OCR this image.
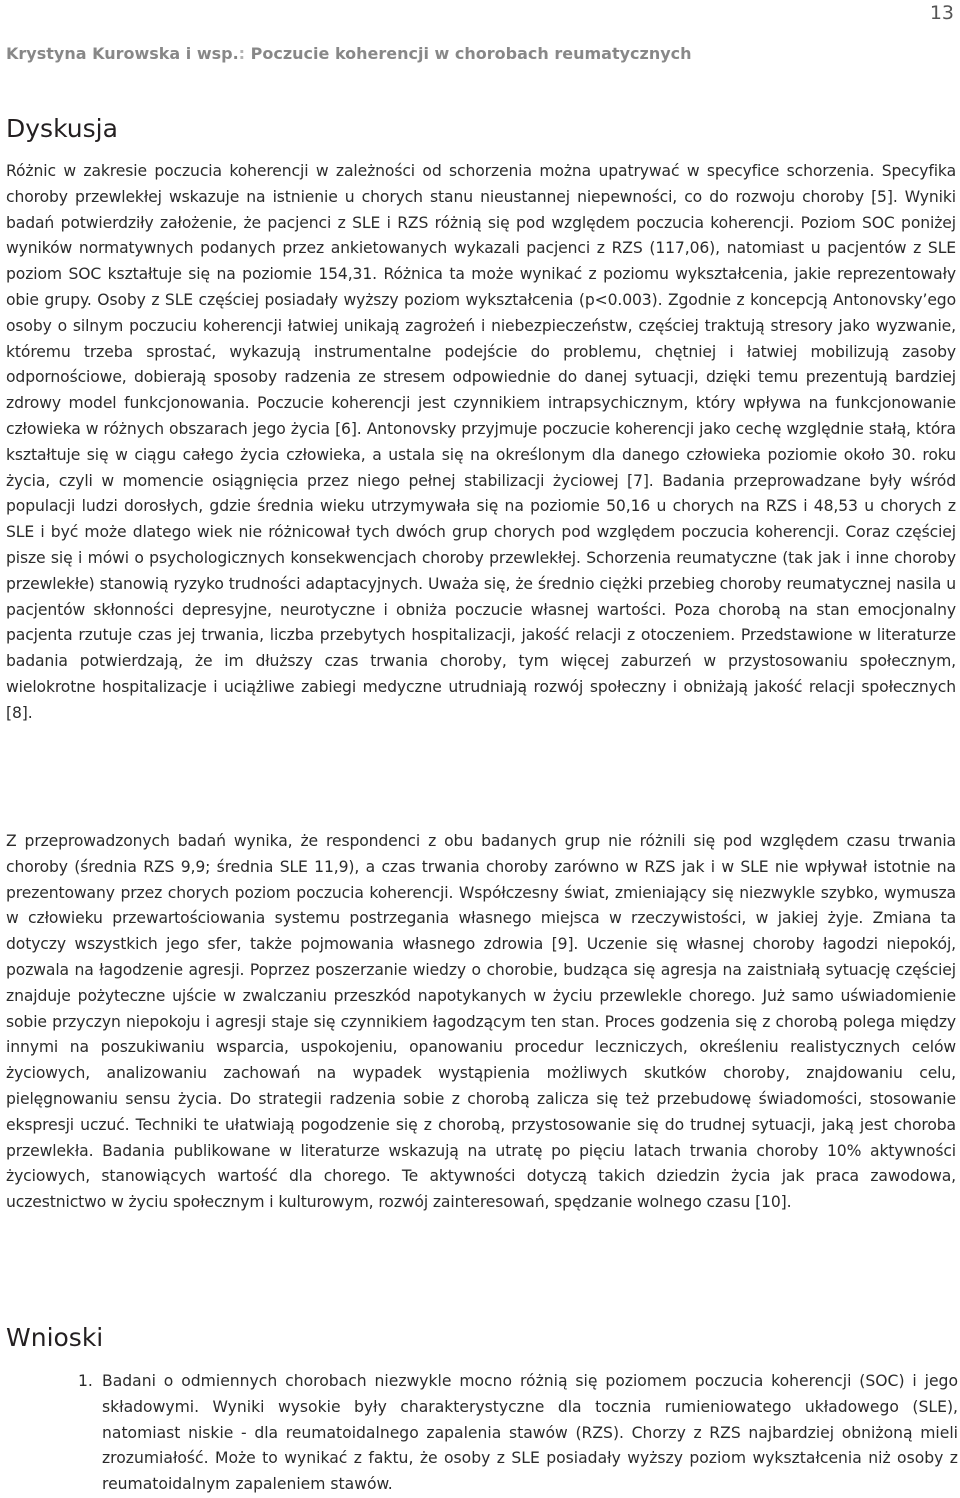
13
Krystyna Kurowska i wsp.: Poczucie koherencji w chorobach reumatycznych
Dyskusja

Różnic w zakresie poczucia koherencji w zależności od schorzenia można upatrywać w specyfice schorzenia. Specyfika choroby przewlekłej wskazuje na istnienie u chorych stanu nieustannej niepewności, co do rozwoju choroby [5]. Wyniki badań potwierdziły założenie, że pacjenci z SLE i RZS różnią się pod względem poczucia koherencji. Poziom SOC poniżej wyników normatywnych podanych przez ankietowanych wykazali pacjenci z RZS (117,06), natomiast u pacjentów z SLE poziom SOC kształtuje się na poziomie 154,31. Różnica ta może wynikać z poziomu wykształcenia, jakie reprezentowały obie grupy. Osoby z SLE częściej posiadały wyższy poziom wykształcenia (p<0.003). Zgodnie z koncepcją Antonovsky’ego osoby o silnym poczuciu koherencji łatwiej unikają zagrożeń i niebezpieczeństw, częściej traktują stresory jako wyzwanie, któremu trzeba sprostać, wykazują instrumentalne podejście do problemu, chętniej i łatwiej mobilizują zasoby odpornościowe, dobierają sposoby radzenia ze stresem odpowiednie do danej sytuacji, dzięki temu prezentują bardziej zdrowy model funkcjonowania. Poczucie koherencji jest czynnikiem intrapsychicznym, który wpływa na funkcjonowanie człowieka w różnych obszarach jego życia [6]. Antonovsky przyjmuje poczucie koherencji jako cechę względnie stałą, która kształtuje się w ciągu całego życia człowieka, a ustala się na określonym dla danego człowieka poziomie około 30. roku życia, czyli w momencie osiągnięcia przez niego pełnej stabilizacji życiowej [7]. Badania przeprowadzane były wśród populacji ludzi dorosłych, gdzie średnia wieku utrzymywała się na poziomie 50,16 u chorych na RZS i 48,53 u chorych z SLE i być może dlatego wiek nie różnicował tych dwóch grup chorych pod względem poczucia koherencji. Coraz częściej pisze się i mówi o psychologicznych konsekwencjach choroby przewlekłej. Schorzenia reumatyczne (tak jak i inne choroby przewlekłe) stanowią ryzyko trudności adaptacyjnych. Uważa się, że średnio ciężki przebieg choroby reumatycznej nasila u pacjentów skłonności depresyjne, neurotyczne i obniża poczucie własnej wartości. Poza chorobą na stan emocjonalny pacjenta rzutuje czas jej trwania, liczba przebytych hospitalizacji, jakość relacji z otoczeniem. Przedstawione w literaturze badania potwierdzają, że im dłuższy czas trwania choroby, tym więcej zaburzeń w przystosowaniu społecznym, wielokrotne hospitalizacje i uciążliwe zabiegi medyczne utrudniają rozwój społeczny i obniżają jakość relacji społecznych [8].

Z przeprowadzonych badań wynika, że respondenci z obu badanych grup nie różnili się pod względem czasu trwania choroby (średnia RZS 9,9; średnia SLE 11,9), a czas trwania choroby zarówno w RZS jak i w SLE nie wpływał istotnie na prezentowany przez chorych poziom poczucia koherencji. Współczesny świat, zmieniający się niezwykle szybko, wymusza w człowieku przewartościowania systemu postrzegania własnego miejsca w rzeczywistości, w jakiej żyje. Zmiana ta dotyczy wszystkich jego sfer, także pojmowania własnego zdrowia [9]. Uczenie się własnej choroby łagodzi niepokój, pozwala na łagodzenie agresji. Poprzez poszerzanie wiedzy o chorobie, budząca się agresja na zaistniałą sytuację częściej znajduje pożyteczne ujście w zwalczaniu przeszkód napotykanych w życiu przewlekle chorego. Już samo uświadomienie sobie przyczyn niepokoju i agresji staje się czynnikiem łagodzącym ten stan. Proces godzenia się z chorobą polega między innymi na poszukiwaniu wsparcia, uspokojeniu, opanowaniu procedur leczniczych, określeniu realistycznych celów życiowych, analizowaniu zachowań na wypadek wystąpienia możliwych skutków choroby, znajdowaniu celu, pielęgnowaniu sensu życia. Do strategii radzenia sobie z chorobą zalicza się też przebudowę świadomości, stosowanie ekspresji uczuć. Techniki te ułatwiają pogodzenie się z chorobą, przystosowanie się do trudnej sytuacji, jaką jest choroba przewlekła. Badania publikowane w literaturze wskazują na utratę po pięciu latach trwania choroby 10% aktywności życiowych, stanowiących wartość dla chorego. Te aktywności dotyczą takich dziedzin życia jak praca zawodowa, uczestnictwo w życiu społecznym i kulturowym, rozwój zainteresowań, spędzanie wolnego czasu [10].

Wnioski
1. Badani o odmiennych chorobach niezwykle mocno różnią się poziomem poczucia koherencji (SOC) i jego składowymi. Wyniki wysokie były charakterystyczne dla tocznia rumieniowatego układowego (SLE), natomiast niskie - dla reumatoidalnego zapalenia stawów (RZS). Chorzy z RZS najbardziej obniżoną mieli zrozumiałość. Może to wynikać z faktu, że osoby z SLE posiadały wyższy poziom wykształcenia niż osoby z reumatoidalnym zapaleniem stawów.
